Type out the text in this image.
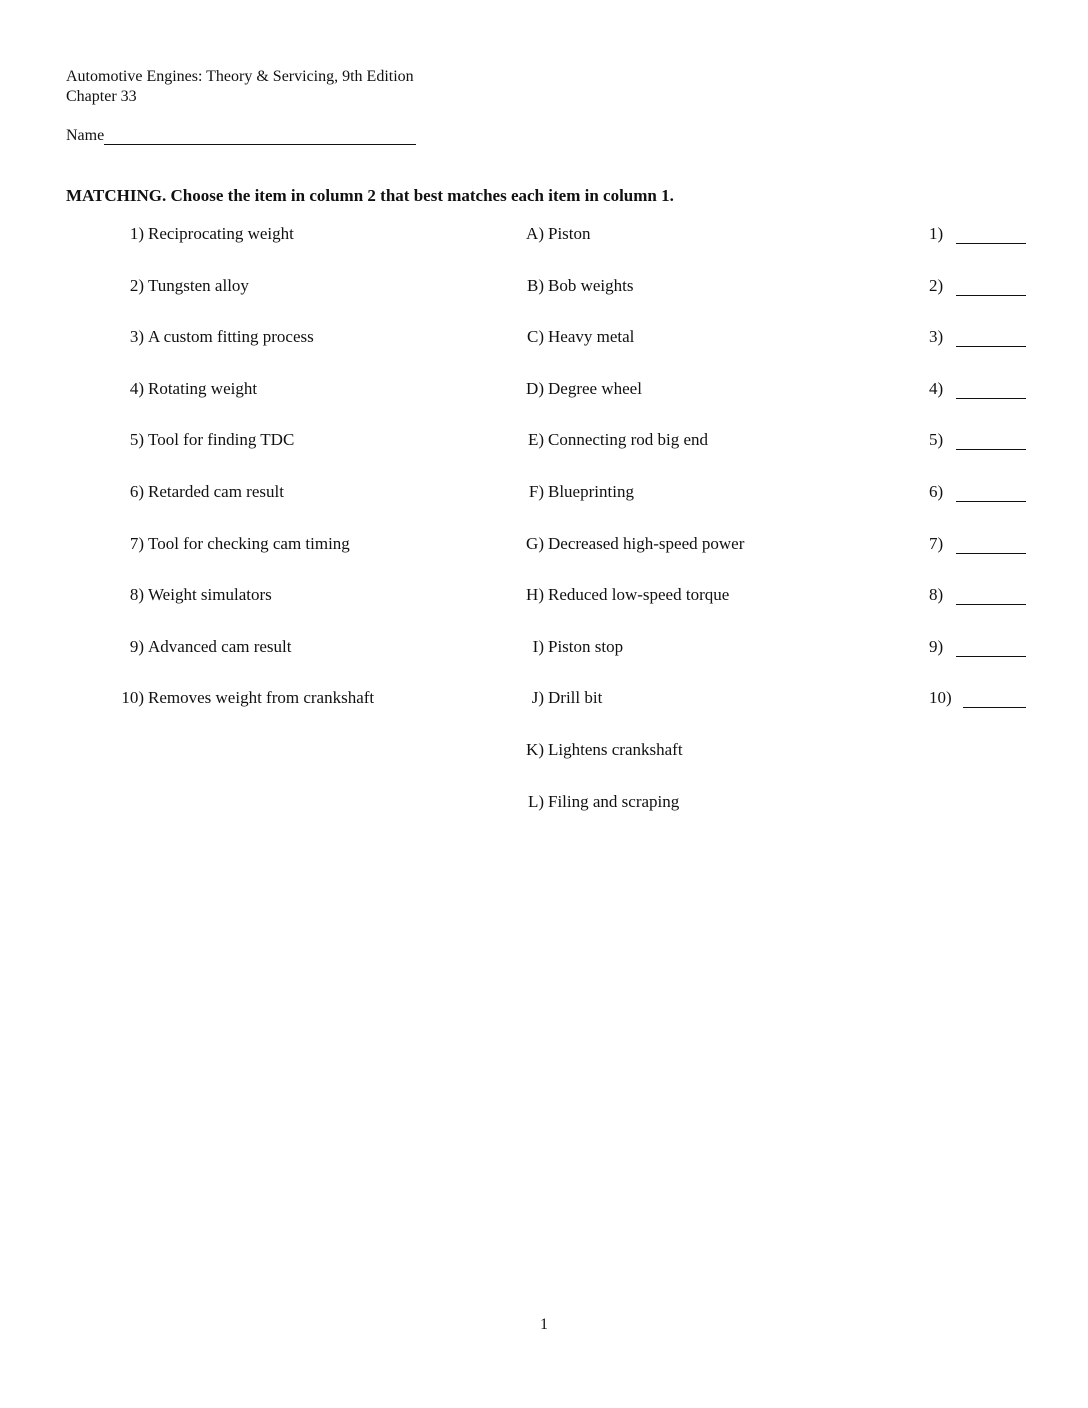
Automotive Engines: Theory & Servicing, 9th Edition
Chapter 33
Name
MATCHING. Choose the item in column 2 that best matches each item in column 1.
1) Reciprocating weight
2) Tungsten alloy
3) A custom fitting process
4) Rotating weight
5) Tool for finding TDC
6) Retarded cam result
7) Tool for checking cam timing
8) Weight simulators
9) Advanced cam result
10) Removes weight from crankshaft
A) Piston
B) Bob weights
C) Heavy metal
D) Degree wheel
E) Connecting rod big end
F) Blueprinting
G) Decreased high-speed power
H) Reduced low-speed torque
I) Piston stop
J) Drill bit
K) Lightens crankshaft
L) Filing and scraping
1)
2)
3)
4)
5)
6)
7)
8)
9)
10)
1
